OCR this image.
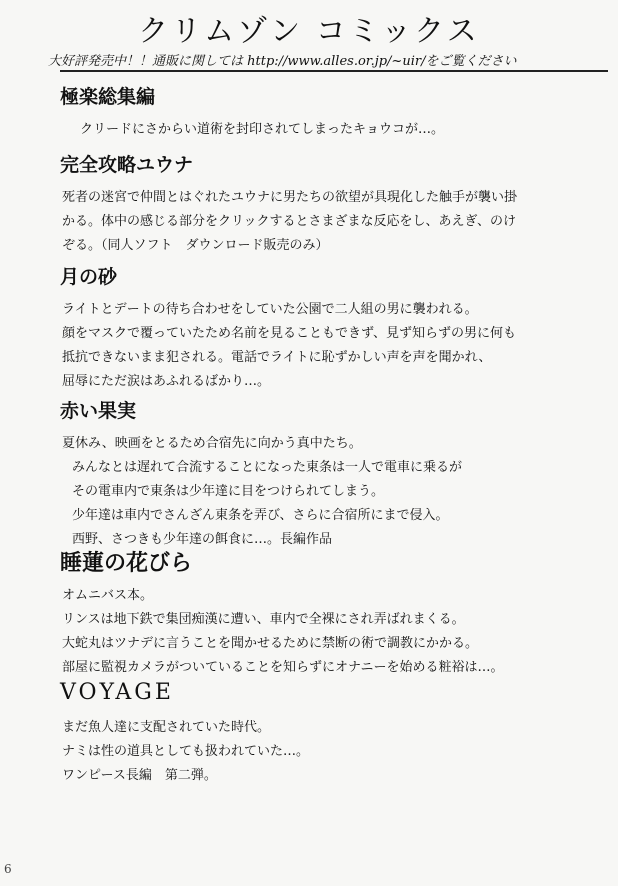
クリムゾン コミックス
大好評発売中！！通販に関しては http://www.alles.or.jp/~uir/をご覧ください
極楽総集編
クリードにさからい道術を封印されてしまったキョウコが…。
完全攻略ユウナ
死者の迷宮で仲間とはぐれたユウナに男たちの欲望が具現化した触手が襲い掛
かる。体中の感じる部分をクリックするとさまざまな反応をし、あえぎ、のけ
ぞる。（同人ソフト　ダウンロード販売のみ）
月の砂
ライトとデートの待ち合わせをしていた公園で二人組の男に襲われる。
顔をマスクで覆っていたため名前を見ることもできず、見ず知らずの男に何も
抵抗できないまま犯される。電話でライトに恥ずかしい声を声を聞かれ、
屈辱にただ涙はあふれるばかり…。
赤い果実
夏休み、映画をとるため合宿先に向かう真中たち。
みんなとは遅れて合流することになった東条は一人で電車に乗るが
その電車内で東条は少年達に目をつけられてしまう。
少年達は車内でさんざん東条を弄び、さらに合宿所にまで侵入。
西野、さつきも少年達の餌食に…。長編作品
睡蓮の花びら
オムニバス本。
リンスは地下鉄で集団痴漢に遭い、車内で全裸にされ弄ばれまくる。
大蛇丸はツナデに言うことを聞かせるために禁断の術で調教にかかる。
部屋に監視カメラがついていることを知らずにオナニーを始める粧裕は…。
VOYAGE
まだ魚人達に支配されていた時代。
ナミは性の道具としても扱われていた…。
ワンピース長編　第二弾。
6
